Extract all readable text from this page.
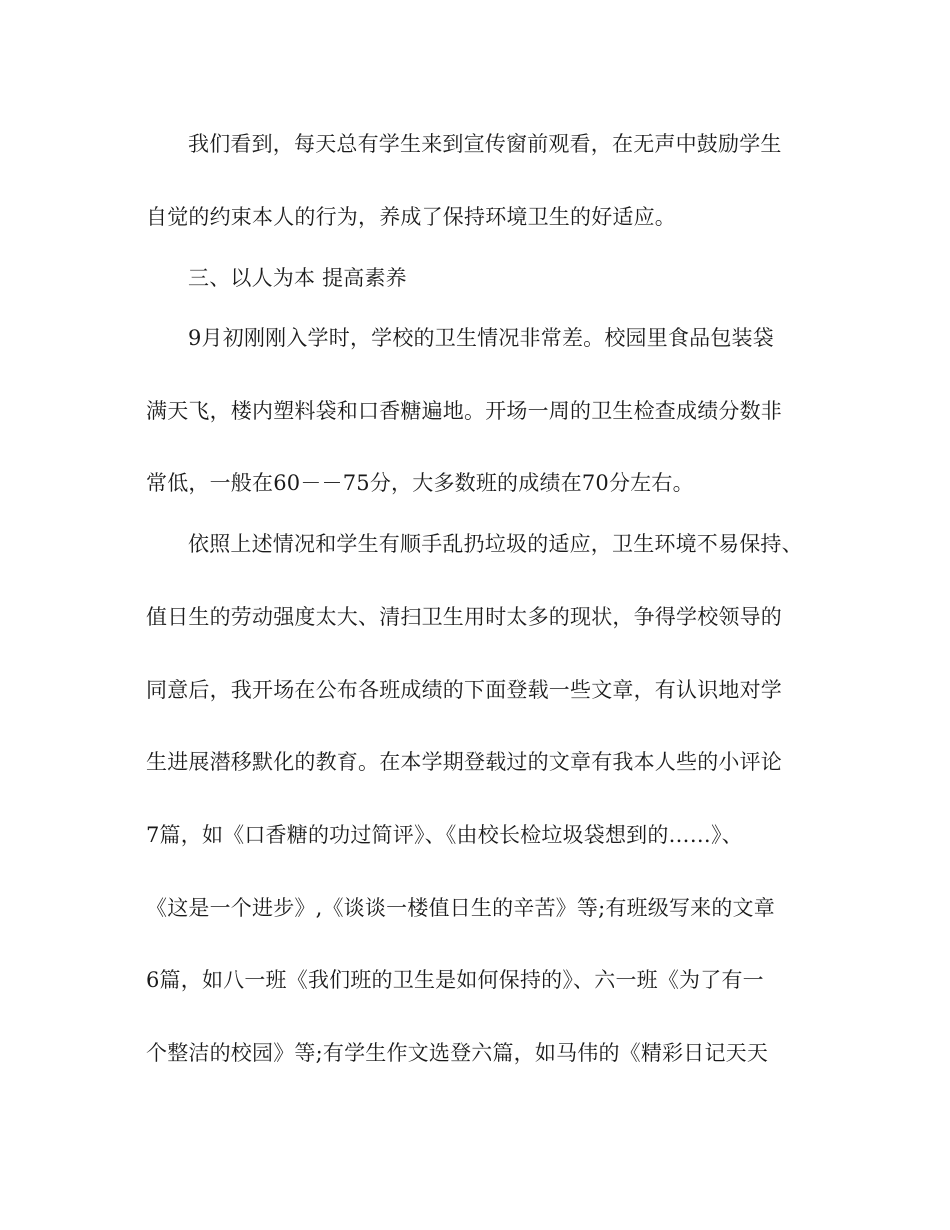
我们看到，每天总有学生来到宣传窗前观看，在无声中鼓励学生
自觉的约束本人的行为，养成了保持环境卫生的好适应。
三、以人为本 提高素养
9月初刚刚入学时，学校的卫生情况非常差。校园里食品包装袋
满天飞，楼内塑料袋和口香糖遍地。开场一周的卫生检查成绩分数非
常低，一般在60－－75分，大多数班的成绩在70分左右。
依照上述情况和学生有顺手乱扔垃圾的适应，卫生环境不易保持、
值日生的劳动强度太大、清扫卫生用时太多的现状，争得学校领导的
同意后，我开场在公布各班成绩的下面登载一些文章，有认识地对学
生进展潜移默化的教育。在本学期登载过的文章有我本人些的小评论
7篇，如《口香糖的功过简评》、《由校长检垃圾袋想到的……》、
《这是一个进步》,《谈谈一楼值日生的辛苦》等;有班级写来的文章
6篇，如八一班《我们班的卫生是如何保持的》、六一班《为了有一
个整洁的校园》等;有学生作文选登六篇，如马伟的《精彩日记天天
